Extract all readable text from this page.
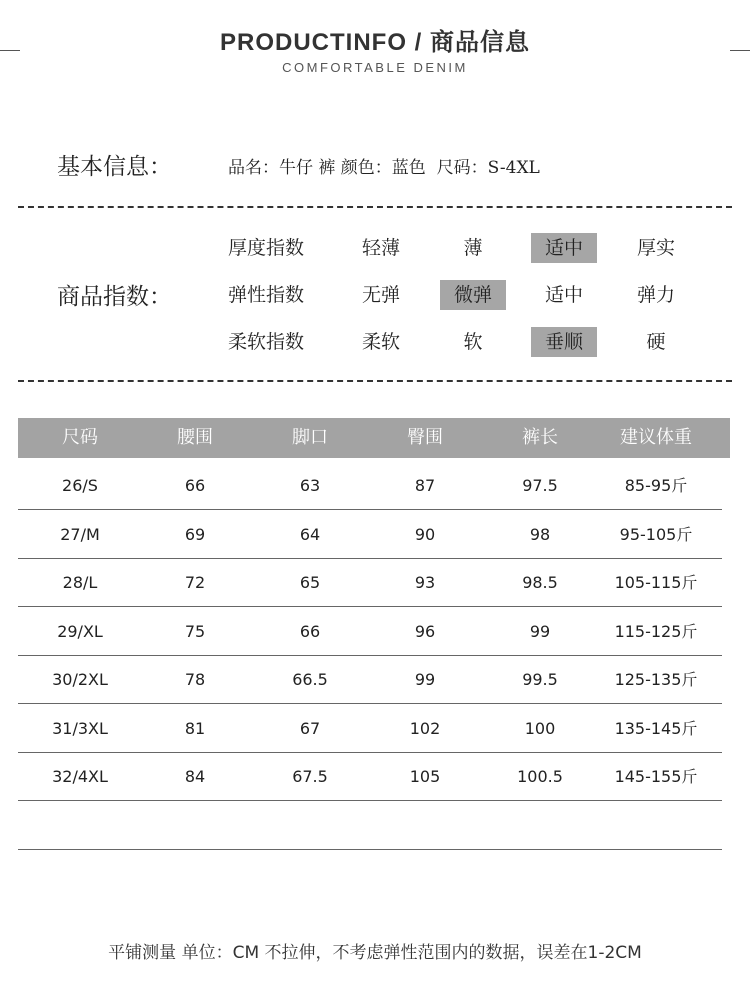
PRODUCTINFO / 商品信息
COMFORTABLE DENIM
基本信息：	品名：牛仔 裤 颜色：蓝色  尺码：S-4XL
商品指数：
厚度指数	轻薄	薄	适中	厚实
弹性指数	无弹	微弹	适中	弹力
柔软指数	柔软	软	垂顺	硬
尺码	腰围	脚口	臀围	裤长	建议体重
26/S	66	63	87	97.5	85-95斤
27/M	69	64	90	98	95-105斤
28/L	72	65	93	98.5	105-115斤
29/XL	75	66	96	99	115-125斤
30/2XL	78	66.5	99	99.5	125-135斤
31/3XL	81	67	102	100	135-145斤
32/4XL	84	67.5	105	100.5	145-155斤
平铺测量 单位：CM 不拉伸，不考虑弹性范围内的数据，误差在1-2CM
